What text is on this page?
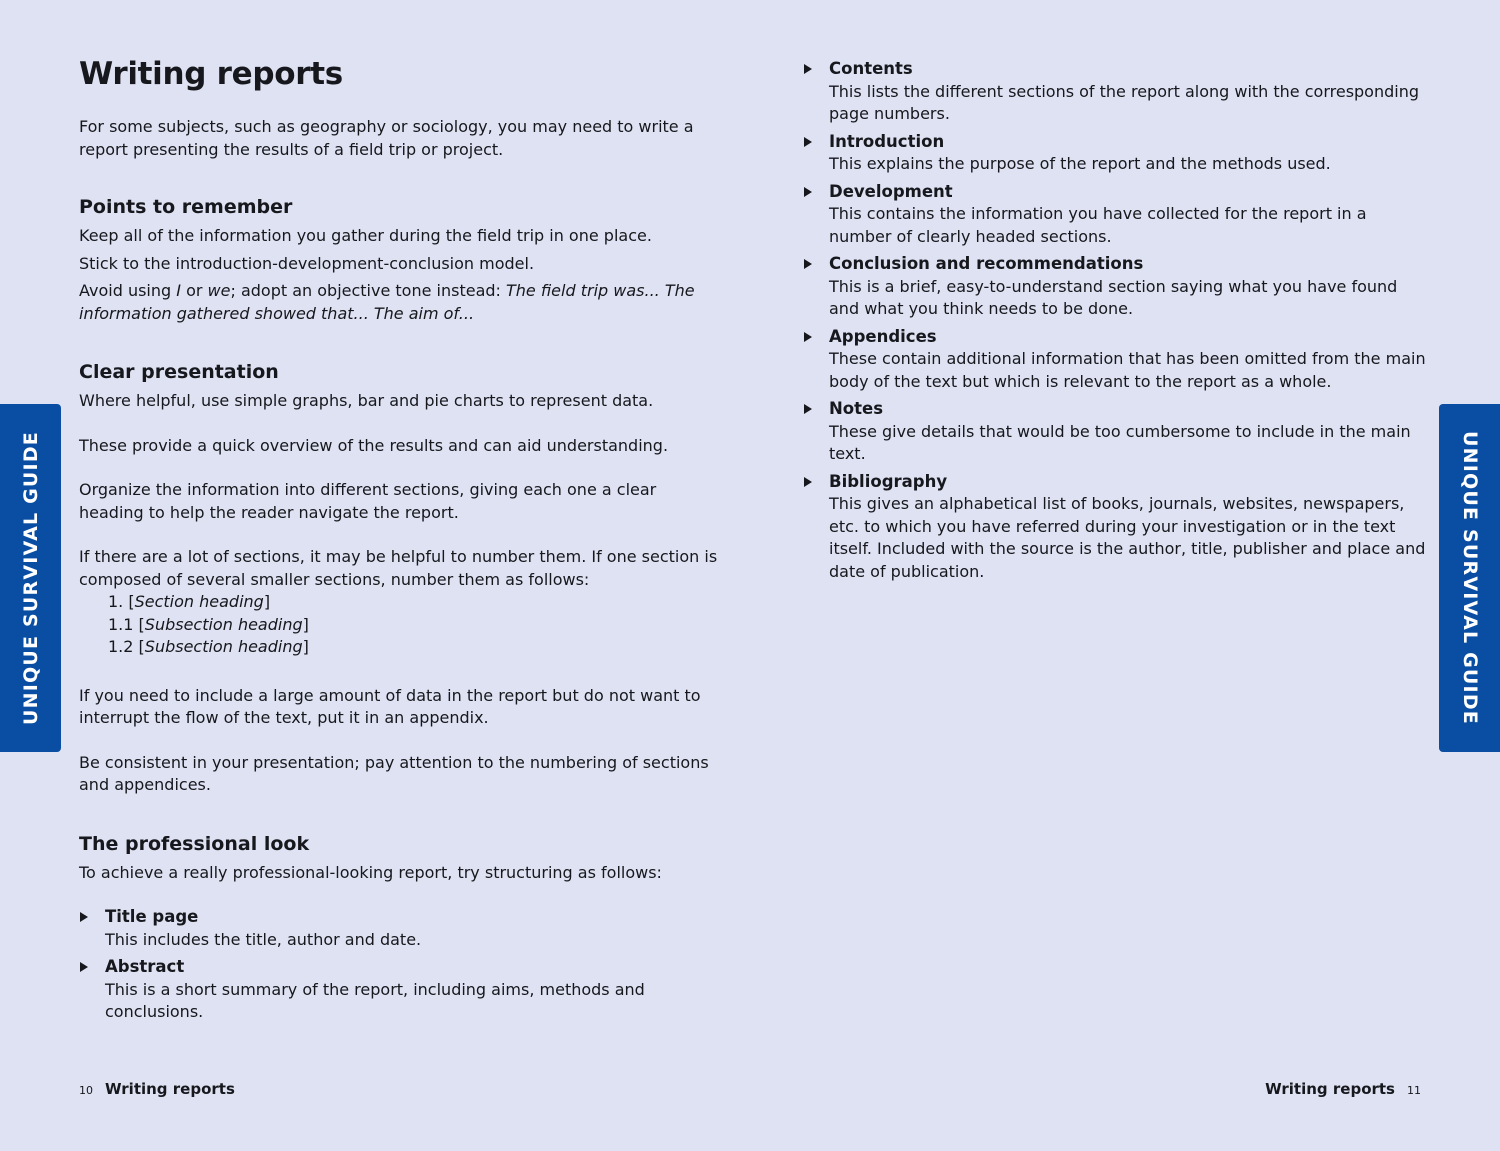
UNIQUE SURVIVAL GUIDE	UNIQUE SURVIVAL GUIDE
Writing reports

For some subjects, such as geography or sociology, you may need to write a report presenting the results of a field trip or project.

Points to remember

Keep all of the information you gather during the field trip in one place.

Stick to the introduction-development-conclusion model.

Avoid using I or we; adopt an objective tone instead: The field trip was... The information gathered showed that... The aim of...

Clear presentation

Where helpful, use simple graphs, bar and pie charts to represent data.

These provide a quick overview of the results and can aid understanding.

Organize the information into different sections, giving each one a clear heading to help the reader navigate the report.

If there are a lot of sections, it may be helpful to number them. If one section is composed of several smaller sections, number them as follows:

1. [Section heading]
1.1 [Subsection heading]
1.2 [Subsection heading]

If you need to include a large amount of data in the report but do not want to interrupt the flow of the text, put it in an appendix.

Be consistent in your presentation; pay attention to the numbering of sections and appendices.

The professional look

To achieve a really professional-looking report, try structuring as follows:

Title page
This includes the title, author and date.
Abstract
This is a short summary of the report, including aims, methods and conclusions.
Contents
This lists the different sections of the report along with the corresponding page numbers.
Introduction
This explains the purpose of the report and the methods used.
Development
This contains the information you have collected for the report in a number of clearly headed sections.
Conclusion and recommendations
This is a brief, easy-to-understand section saying what you have found and what you think needs to be done.
Appendices
These contain additional information that has been omitted from the main body of the text but which is relevant to the report as a whole.
Notes
These give details that would be too cumbersome to include in the main text.
Bibliography
This gives an alphabetical list of books, journals, websites, newspapers, etc. to which you have referred during your investigation or in the text itself. Included with the source is the author, title, publisher and place and date of publication.
10 Writing reports	Writing reports 11
